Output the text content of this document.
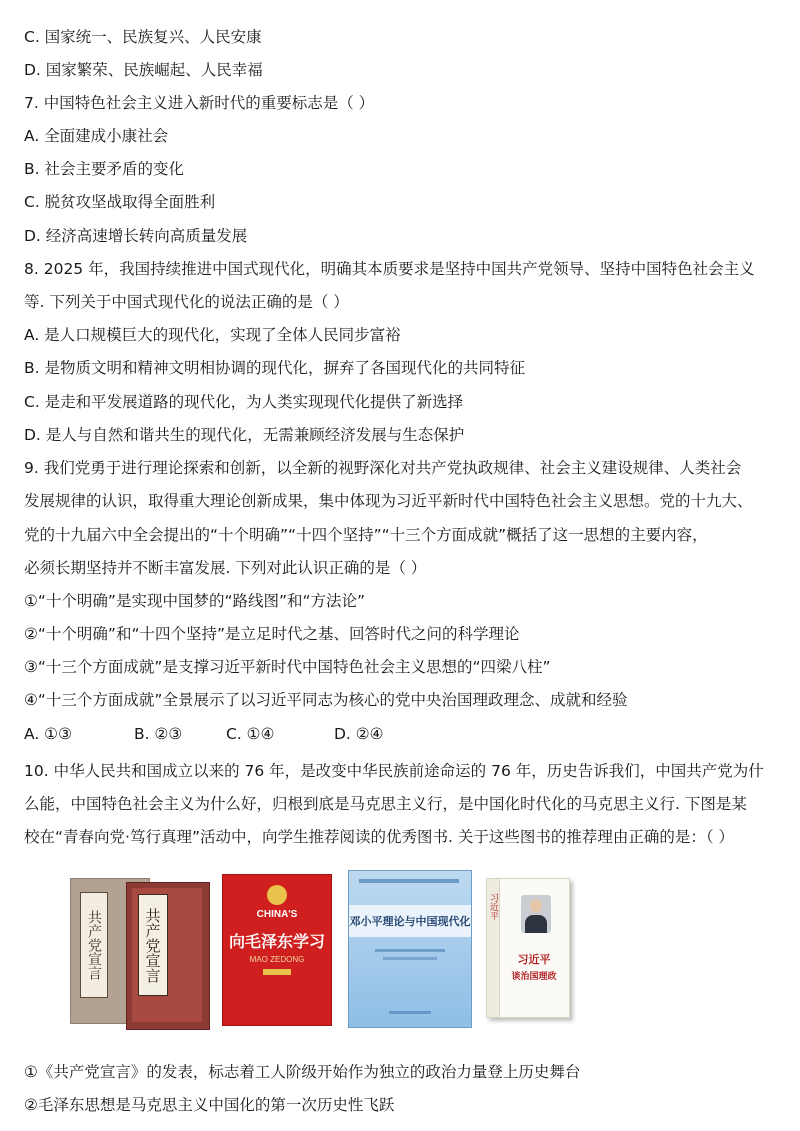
C. 国家统一、民族复兴、人民安康
D. 国家繁荣、民族崛起、人民幸福
7. 中国特色社会主义进入新时代的重要标志是（ ）
A. 全面建成小康社会
B. 社会主要矛盾的变化
C. 脱贫攻坚战取得全面胜利
D. 经济高速增长转向高质量发展
8. 2025 年，我国持续推进中国式现代化，明确其本质要求是坚持中国共产党领导、坚持中国特色社会主义
等. 下列关于中国式现代化的说法正确的是（ ）
A. 是人口规模巨大的现代化，实现了全体人民同步富裕
B. 是物质文明和精神文明相协调的现代化，摒弃了各国现代化的共同特征
C. 是走和平发展道路的现代化，为人类实现现代化提供了新选择
D. 是人与自然和谐共生的现代化，无需兼顾经济发展与生态保护
9. 我们党勇于进行理论探索和创新，以全新的视野深化对共产党执政规律、社会主义建设规律、人类社会
发展规律的认识，取得重大理论创新成果，集中体现为习近平新时代中国特色社会主义思想。党的十九大、
党的十九届六中全会提出的“十个明确”“十四个坚持”“十三个方面成就”概括了这一思想的主要内容，
必须长期坚持并不断丰富发展. 下列对此认识正确的是（ ）
①“十个明确”是实现中国梦的“路线图”和“方法论”
②“十个明确”和“十四个坚持”是立足时代之基、回答时代之问的科学理论
③“十三个方面成就”是支撑习近平新时代中国特色社会主义思想的“四梁八柱”
④“十三个方面成就”全景展示了以习近平同志为核心的党中央治国理政理念、成就和经验
A. ①③	B. ②③	C. ①④	D. ②④
10. 中华人民共和国成立以来的 76 年，是改变中华民族前途命运的 76 年，历史告诉我们，中国共产党为什
么能，中国特色社会主义为什么好，归根到底是马克思主义行，是中国化时代化的马克思主义行. 下图是某
校在“青春向党·笃行真理”活动中，向学生推荐阅读的优秀图书. 关于这些图书的推荐理由正确的是：（ ）
共产党宣言	共产党宣言	CHINA'S
向毛泽东学习
MAO ZEDONG
邓小平理论与中国现代化
习近平
习近平
谈治国理政
①《共产党宣言》的发表，标志着工人阶级开始作为独立的政治力量登上历史舞台
②毛泽东思想是马克思主义中国化的第一次历史性飞跃
